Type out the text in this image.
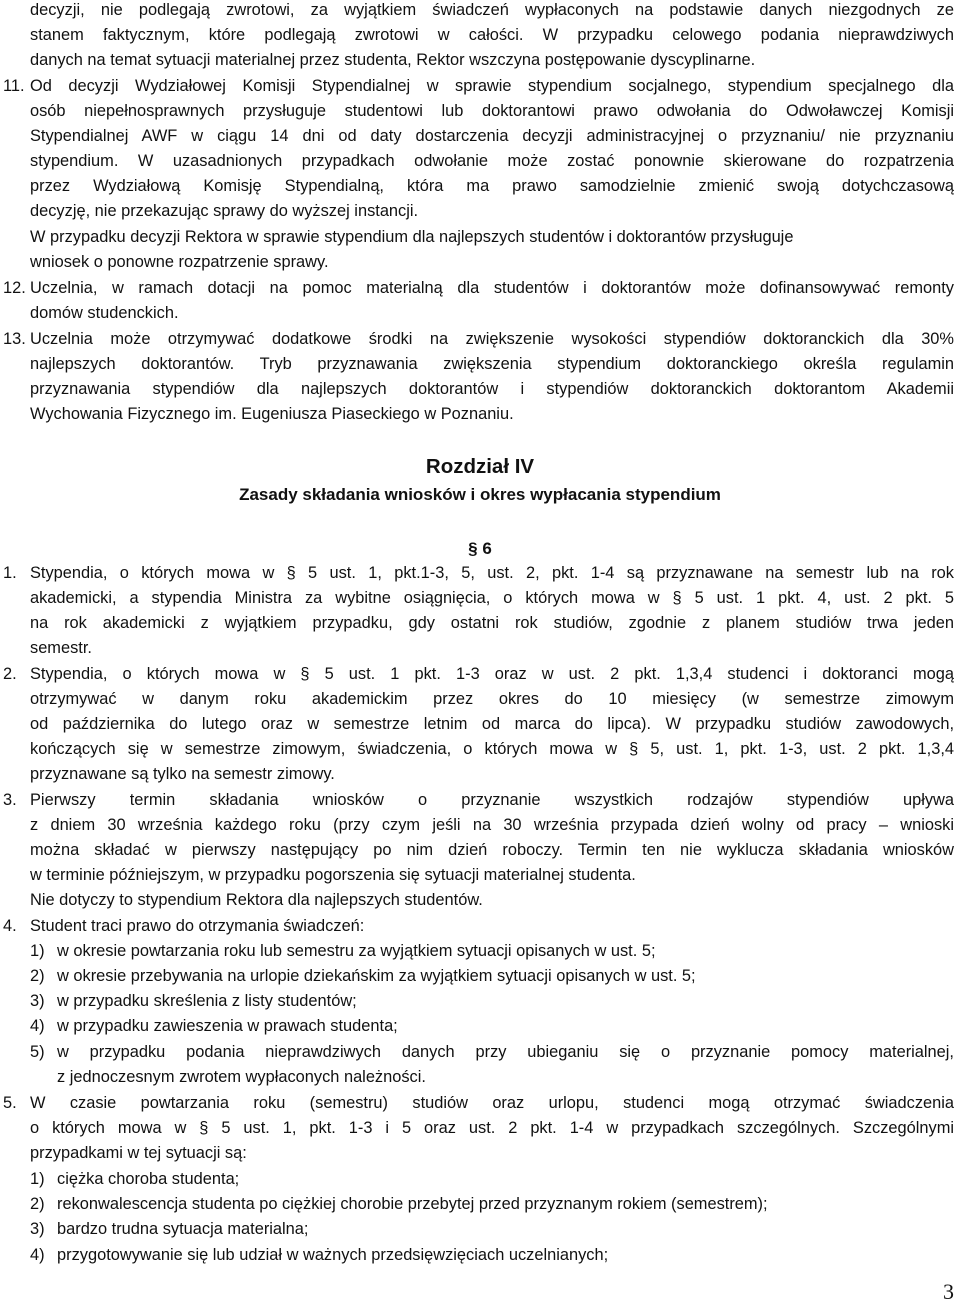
decyzji, nie podlegają zwrotowi, za wyjątkiem świadczeń wypłaconych na podstawie danych niezgodnych ze
stanem faktycznym, które podlegają zwrotowi w całości. W przypadku celowego podania nieprawdziwych
danych na temat sytuacji materialnej przez studenta, Rektor wszczyna postępowanie dyscyplinarne.
11. Od decyzji Wydziałowej Komisji Stypendialnej w sprawie stypendium socjalnego, stypendium specjalnego dla
osób niepełnosprawnych przysługuje studentowi lub doktorantowi prawo odwołania do Odwoławczej Komisji
Stypendialnej AWF w ciągu 14 dni od daty dostarczenia decyzji administracyjnej o przyznaniu/ nie przyznaniu
stypendium. W uzasadnionych przypadkach odwołanie może zostać ponownie skierowane do rozpatrzenia
przez Wydziałową Komisję Stypendialną, która ma prawo samodzielnie zmienić swoją dotychczasową
decyzję, nie przekazując sprawy do wyższej instancji.
W przypadku decyzji Rektora w sprawie stypendium dla najlepszych studentów i doktorantów przysługuje
wniosek o ponowne rozpatrzenie sprawy.
12. Uczelnia, w ramach dotacji na pomoc materialną dla studentów i doktorantów może dofinansowywać remonty
domów studenckich.
13. Uczelnia może otrzymywać dodatkowe środki na zwiększenie wysokości stypendiów doktoranckich dla 30%
najlepszych doktorantów. Tryb przyznawania zwiększenia stypendium doktoranckiego określa regulamin
przyznawania stypendiów dla najlepszych doktorantów i stypendiów doktoranckich doktorantom Akademii
Wychowania Fizycznego im. Eugeniusza Piaseckiego w Poznaniu.
Rozdział IV
Zasady składania wniosków i okres wypłacania stypendium
§ 6
1. Stypendia, o których mowa w § 5 ust. 1, pkt.1-3, 5, ust. 2, pkt. 1-4 są przyznawane na semestr lub na rok
akademicki, a stypendia Ministra za wybitne osiągnięcia, o których mowa w § 5 ust. 1 pkt. 4, ust. 2 pkt. 5
na rok akademicki z wyjątkiem przypadku, gdy ostatni rok studiów, zgodnie z planem studiów trwa jeden
semestr.
2. Stypendia, o których mowa w § 5 ust. 1 pkt. 1-3 oraz w ust. 2 pkt. 1,3,4 studenci i doktoranci mogą
otrzymywać w danym roku akademickim przez okres do 10 miesięcy (w semestrze zimowym
od października do lutego oraz w semestrze letnim od marca do lipca). W przypadku studiów zawodowych,
kończących się w semestrze zimowym, świadczenia, o których mowa w § 5, ust. 1, pkt. 1-3, ust. 2 pkt. 1,3,4
przyznawane są tylko na semestr zimowy.
3. Pierwszy termin składania wniosków o przyznanie wszystkich rodzajów stypendiów upływa
z dniem 30 września każdego roku (przy czym jeśli na 30 września przypada dzień wolny od pracy – wnioski
można składać w pierwszy następujący po nim dzień roboczy. Termin ten nie wyklucza składania wniosków
w terminie późniejszym, w przypadku pogorszenia się sytuacji materialnej studenta.
Nie dotyczy to stypendium Rektora dla najlepszych studentów.
4. Student traci prawo do otrzymania świadczeń:
1) w okresie powtarzania roku lub semestru za wyjątkiem sytuacji opisanych w ust. 5;
2) w okresie przebywania na urlopie dziekańskim za wyjątkiem sytuacji opisanych w ust. 5;
3) w przypadku skreślenia z listy studentów;
4) w przypadku zawieszenia w prawach studenta;
5) w przypadku podania nieprawdziwych danych przy ubieganiu się o przyznanie pomocy materialnej,
z jednoczesnym zwrotem wypłaconych należności.
5. W czasie powtarzania roku (semestru) studiów oraz urlopu, studenci mogą otrzymać świadczenia
o których mowa w § 5 ust. 1, pkt. 1-3 i 5 oraz ust. 2 pkt. 1-4 w przypadkach szczególnych. Szczególnymi
przypadkami w tej sytuacji są:
1) ciężka choroba studenta;
2) rekonwalescencja studenta po ciężkiej chorobie przebytej przed przyznanym rokiem (semestrem);
3) bardzo trudna sytuacja materialna;
4) przygotowywanie się lub udział w ważnych przedsięwzięciach uczelnianych;
3
